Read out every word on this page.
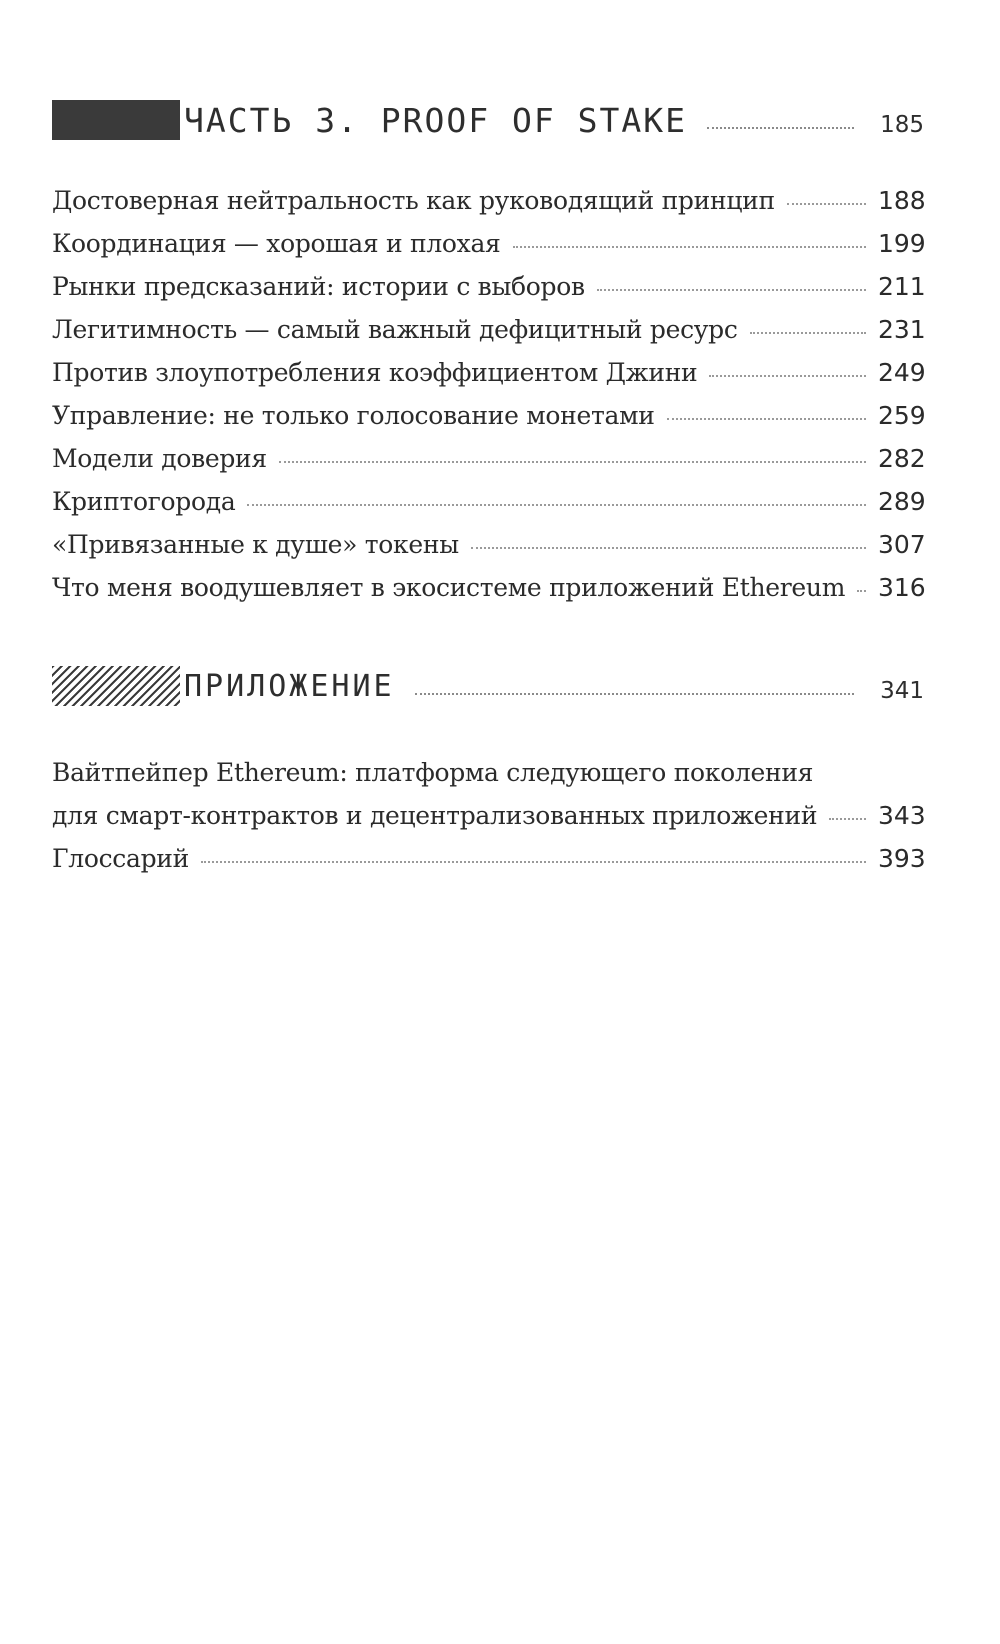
ЧАСТЬ 3. PROOF OF STAKE	185
Достоверная нейтральность как руководящий принцип	188
Координация — хорошая и плохая	199
Рынки предсказаний: истории с выборов	211
Легитимность — самый важный дефицитный ресурс	231
Против злоупотребления коэффициентом Джини	249
Управление: не только голосование монетами	259
Модели доверия	282
Криптогорода	289
«Привязанные к душе» токены	307
Что меня воодушевляет в экосистеме приложений Ethereum 316
ПРИЛОЖЕНИЕ	341
Вайтпейпер Ethereum: платформа следующего поколения
для смарт-контрактов и децентрализованных приложений 343
Глоссарий	393
